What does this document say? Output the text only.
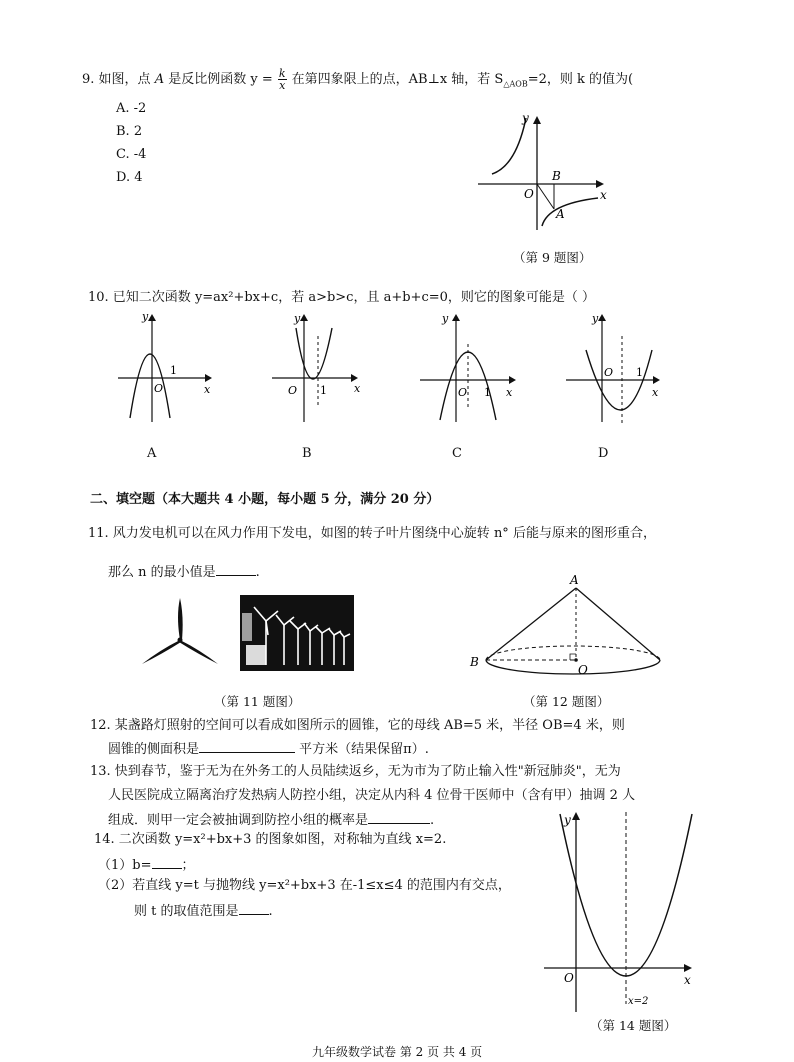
9. 如图，点 A 是反比例函数 $y = \frac{k}{x}$ 在第四象限上的点，AB⊥x 轴，若 $S_{\triangle AOB}=2$，则 k 的值为(
A. -2
B. 2
C. -4
D. 4
y
x
O
B
A
（第 9 题图）
10. 已知二次函数 y=ax²+bx+c，若 a>b>c，且 a+b+c=0，则它的图象可能是（ ）
y
x
O
1
A
y
x
O 1
B
y
x
O 1
C
y
x
O 1
D
二、填空题（本大题共 4 小题，每小题 5 分，满分 20 分）
11. 风力发电机可以在风力作用下发电，如图的转子叶片图绕中心旋转 n° 后能与原来的图形重合，
那么 n 的最小值是	.
（第 11 题图）
A
B
O
（第 12 题图）
12. 某盏路灯照射的空间可以看成如图所示的圆锥，它的母线 AB=5 米，半径 OB=4 米，则
圆锥的侧面积是	平方米（结果保留π）.
13. 快到春节，鉴于无为在外务工的人员陆续返乡，无为市为了防止输入性"新冠肺炎"，无为
人民医院成立隔离治疗发热病人防控小组，决定从内科 4 位骨干医师中（含有甲）抽调 2 人
组成．则甲一定会被抽调到防控小组的概率是	.
14. 二次函数 y=x²+bx+3 的图象如图，对称轴为直线 x=2.
（1）b= ；
（2）若直线 y=t 与抛物线 y=x²+bx+3 在-1≤x≤4 的范围内有交点，
则 t 的取值范围是 .
y
x
O
x=2
（第 14 题图）
九年级数学试卷 第 2 页 共 4 页
